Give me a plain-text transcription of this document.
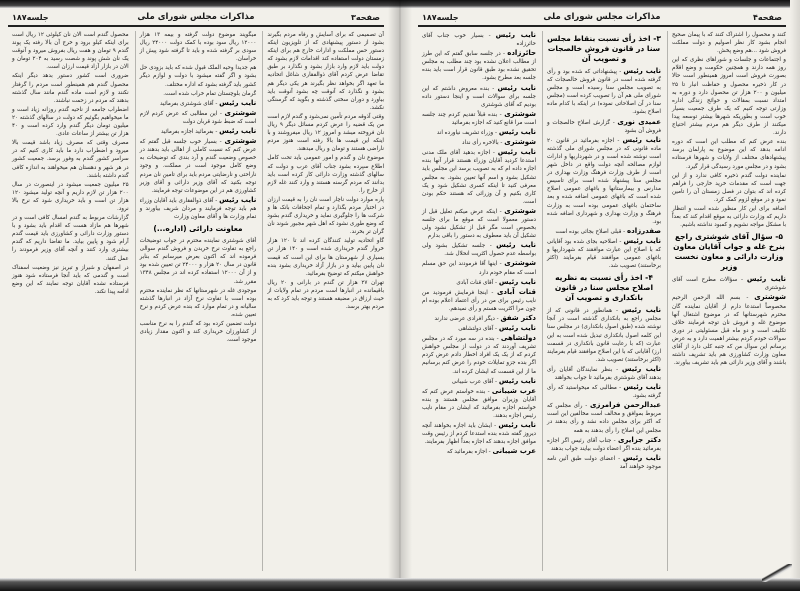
صفحه۳
مذاکرات مجلس شورای ملی
جلسه۱۸۷

آن تصمیمی که برای آسایش و رفاه مردم بگیرند بشود از دستور پیشنهادی که از تلویزیون اینکه دستور حس مملکت و ادارات خارج هم برای اینکه زمستان دولت استفاده کند اقدامات لازم بشود که دولت باید لازم وارد بازار بشود و نگذارد بر طبق تقاضا عرض کردم آقای ذوالفقاری شاغل اتحادیه ما تعهد اگر بخواهد نظر بگیرند هر یکی دیگر هم بشود و نگذارد که آنوقت چه بشود آنوقت باید بیاورد و دوران سختی گذشته و بگوید که گرسنگی نکشد.

وقتی آذوقه مردم تأمین نمی‌شود و گندم لازم است من یک قضیه را عرض کردم مسائل دیگر ۹ ریال نان فروخته میشد و امروز ۱۲ ریال میفروشند و با اینکه این قیمت ها بالا رفته است هنوز مردم ناراضی هستند و تومان و ریال میدهند.

موضوع نان و گندم و امور عمومی باید تحت کامل اطلاع سپرده بشود جناب آقای عرب و دولت که سالهای گذشته وزارت دارائی کار کرده است باید بدانند که مردم گرسنه هستند و وارد کنند غله لازم از خارج را.

پاره موارد دولت ناچار است نان را به قیمت ارزان در اختیار مردم بگذارد و تمام اجحافات بانک ها و شرکت ها را جلوگیری نماید و خریداری گندم بشود که وضع طوری نشود که اهل شهر مجبور شوند نان گران تر بخرند.

گاو اتحادیه تولید کنندگان کرده اند تا ۱۲۰ هزار خروار گندم خریداری شده است و ۱۴۰ هزار تن بسیاری از شهرستان ها برای این است که قیمت نان پایین بیاید و در بازار آزاد خریداری بشود بنده خواهش میکنم که توضیح بفرمائید.

تهران ۲۷ هزار تن گندم در بارانی و ۲۰ ریال باقیمانده در انبارها است مردم در تمام ولایات از حیث ارزاق در مضیقه هستند و توجه باید کرد که به مردم بهتر برسد.

میگویند موضوع دولت گرفته و بیمه ۱۳ هزار ۱۲۰۰۰ ریال سود بوده با کمک دولت ۲۴۰۰۰ ریال سودی بر گرفته شده و باید تا گرفته شود پیش از خراسان.

هم جدیدا وحیه الملک قبول شده که باید بزودی حل بشود و اگر گفته میشود با دولت و لوازم دیگر کشور باید گرفته بشود که اداره مختلف.

گرمان بلوچستان تمام خراب شده است.

نایب رئیس - آقای شوشتری بفرمائید

شوشتری - این مطالبی که عرض کردم لازم است که ضبط شود قربان دولت

نایب رئیس - بفرمائید اجازه بفرمائید

شوشتری - بسیار خوب جلسه قبل گفتم که عرض کنم که نسبت کاملی از اهالی باید بدهند در خصوص وضعیت گندم و آرد بندی که توضیحات به وضع کامل موجود است در مملکت. و وجود ناراحتی و نارضایتی مردم باید برای تامین نان مردم توجه بکنید که آقای وزیر دارائی و آقای وزیر کشاورزی هم در این موضوعات توجه فرمایند.

نایب رئیس - آقای ذوالفقاری باید آقایان وزراء هم باید توجه فرمایند و مردان شریف بیاورند و تمام وزارت ها و آقای معاون وزارت

معاونت دارائی (اداره...)

آقای شوشتری نماینده محترم در جواب توضیحات راجع به تفاوت نرخ خریدن و فروش گندم سوالی فرموده اند که اکنون بعرض میرسانم که بنابر قانون در سال ۲۰ هزار و ۲۴۰۰۰ تن تعیین شده بود و از آن ۱۲۰۰۰ استفاده کرده اند در مجلس ۱۳۴۸ مقرر شد.

موجودی غله در شهرستانها که نظر نماینده محترم بوده است با تفاوت نرخ آزاد در انبارها گذشته سالیانه و در تمام موارد که بنده عرض کردم و نرخ تعیین شده.

دولت تضمین کرده بود که گندم را به نرخ مناسب از کشاورزان خریداری کند و اکنون مقدار زیادی موجود است.

محصول گندم است الان نان کیلوئی ۱۲ ریال است برای اینکه کیلو برود و خرج آن بالا رفته یک پوند گندم ۹ تومان و هفت ریال بفروش میرود و آنوقت یک نان شش پوند و شصت رسید به ۲۰۴ تومان و الان در بازار آزاد قیمت ارزان است.

ضروری است کشور دستور بدهد دیگر اینکه محصول گندم هم همینطور است مردم را گرفتار نکنند و لازم است ماده گندم مانند سال گذشته بدهند که مردم در زحمت نباشند.

اضطراب جامعه از ناحیه گندم روزانه زیاد است و ما میخواهیم بگوئیم که دولت در سالهای گذشته ۲۰ میلیون تومان دیگر گندم وارد کرده است و ۴۰ هزار تن بیشتر از ساعات عادی.

مصرف وقتی که مصرف زیاد باشد قیمت بالا میرود و اضطراب دارد ما باید کاری کنیم که در سراسر کشور گندم به وفور برسد. جمعیت کشور در هر شهر و دهستان هم میخواهند به اندازه کافی گندم داشته باشند.

۲۵ میلیون جمعیت میشود در اینصورت در سال ۲۰۰ هزار تن لازم داریم و آنچه تولید میشود ۱۲۰ هزار تن است و باید خریداری شود که نرخ بالا نرود.

گزارشات مربوط به گندم امسال کافی است و در شهرها هم مازاد هست که اقدام باید بشود و با دستور وزارت دارائی و کشاورزی باید قیمت گندم آرام شود و پایین بیاید. ما تقاضا داریم که گندم بیشتری وارد کنند و آنچه آقای وزیر فرمودند را عمل کنند.

در اصفهان و شیراز و تبریز نیز وضعیت اسفناک است و گندمی که باید آنجا فرستاده شود هنوز فرستاده نشده آقایان توجه نمایند که این وضع ادامه پیدا نکند.

صفحه۴
مذاکرات مجلس شورای ملی
جلسه۱۸۷

کنند و محصول را اشتراک کنند که با پیمان صحیح انجام بشود کار نظر اصولیم و دولت مملکت فروش شود ...هم وضع پخش.

و اجتماعات و جلسات و شوراهای نظری که این روز همه دارند و همچنین حکومت و وضع اقلام بصورت فروش است امروز همینطور است حالا در کار ذخیره محصول و حفاظت انبار تا ۲۵ میلیون و ۲۰۰ هزار تن محصول دارد و دوره به امتداد نسبت بمقالات و حوائج زندگی اداره وزارتی توجه کنیم که یک طرف جمعیت بسیار خوب است و بطوریکه شهرها بیشتر توسعه پیدا میکنند از طرف دیگر هم مردم بیشتر احتیاج دارند.

بنده عرض کنم که مطلب این است که دوره ادامه بدهد که این موضوع به پارلمان برسد پیشنهادهای مختلف از ولایات و شهرها فرستاده بشود و در مجلس مورد رسیدگی قرار گیرد.

نماینده دولت گندم ذخیره کافی ندارد و از این جهت است که مقدمات خرید خارجی را فراهم کرده اند که بتوان در فصل زمستان آن را تامین نمود و در موقع لزوم کمک کرد.

اضافه برای این کار منظور شده است و انتظار داریم که وزارت دارائی به موقع اقدام کند که بعداً با مشکل مواجه نشویم و کمبود نداشته باشیم.

۵- سؤال آقای شوشتری راجع بنرخ غله و جواب آقایان معاون وزارت دارائی و معاون نخست وزیر

نایب رئیس - سؤالات مطرح است آقای شوشتری

شوشتری - بسم الله الرحمن الرحیم مخصوصاً استدعا دارم از آقایان نماینده گان محترم شهرستانها که در موضوع اشتغال آنها موضوع غله و فروش نان توجه فرمایند خلاف تکلیف است و دو ماه قبل مسئولیتی در دوری سوالات خودم کردم بیشتر اهمیت دارد و به عرض برسانم این سوال من که جنبه کلی دارد از آقای معاون وزارت کشاورزی هم باید تشریف داشته باشند و آقای وزیر دارائی هم باید تشریف بیاورند.

۳- اخذ رأی نسبت بنقاط مجلس سنا در قانون فروش خالصجات و تصویب آن

نایب رئیس - پیشنهاداتی که شده بود و رأی گرفته شده است در قانون فروش خالصجات که به تصویب مجلس سنا رسیده است و مجلس شورای ملی هم آن را تصویب کرده است (مجلس سنا در آن اصلاحاتی نموده) در اینکه با کدام ماده اصلاح بشود.

عمیدی نوری - گزارش اصلاح خالصجات و فروش آن بشود

نایب رئیس - اجازه بفرمائید در قانون ۲۰ ماده قانونی که در مجلس شورای ملی گذشته است نوشته شده است و در شهرداریها و ادارات لوازم مصالحه آنچه دولت واقع در داخل شهر است از طرف وزارت فرهنگ وزارت بهداری در مجلس سنا پیشنهاد شده است برای تاسیس مدارس و بیمارستانها و باغهای عمومی اصلاح شده است که باغهای عمومی اضافه شده و بعد ساختمان باغهای عمومی بوده است به وزارت فرهنگ و وزارت بهداری و شهرداری اضافه شده بود.

صفدرزاده - قبلی اصلاح بجائی بوده است

نایب رئیس - اصلاحیه بجای شده بود آقایانی که با اصلاح این عبارت موافقند که شهرداریها و باغهای عمومی موافقند قیام بفرمایند (اکثر برخاستند) تصویب شد.

۴- اخذ رأی نسبت به نظریه اصلاح مجلس سنا در قانون بانکداری و تصویب آن

نایب رئیس - همانطور در قانونی که از مجلس راجع به بانکداری گذشته است در آنجا نوشته شده (طبق اصول بانکداری) در مجلس سنا این کلمه اصول بانکداری تبدیل شده است به این عبارت (که با رعایت قانون بانکداری در قسمت ارز) آقایانی که با این اصلاح موافقند قیام بفرمایند (اکثر برخاستند) تصویب شد.

نایب رئیس - بنظر نمایندگان آقایان رأی بدهند آقای شوشتری بفرمائید تا جواب بخواهند

نایب رئیس - مطالبی که میخواستید که رأی گرفته بشود.

عبدالرحمن فرامرزی - رأی مجلس که مربوط بموافق و مخالف است مخالفین این است که اکثر برای مجلس داده نشد و رأی بدهند در مجلس این اصلاح را رأی بدهند به همه

دکتر جزایری - جناب آقای رئیس اگر اجازه بفرمائید بنده اگر اعضاء دولت بیایند جواب بدهند

نایب رئیس - اعضای دولت طبق آئین نامه موجود خواهند آمد

نایب رئیس - بسیار خوب جناب آقای حائرزاده

حائرزاده - در جلسه سابق گفتم که این طرز از مطالب اعلان نشده بود چند مطلب به مجلس تحقیق نشده بود طبق قانون قرار است باید بنده جلسه بعد مطرح بشود.

نایب رئیس - بنده معروض داشتم که این جلسه برای سوالات است و اینجا دستور داده بودیم که آقای شوشتری

شوشتری - بنده قبلاً تقدیم کردم چند جلسه است مرا قانع کنید که اجازه بفرمائید

نایب رئیس - وزراء تشریف نیاورده اند

شوشتری - بالاخره رأی نداد

نایب رئیس - اجازه بدهید آقای ملک مدنی استدعا کردید آقایان وزراء هستند قرار آنها بنده اجازه داده ام که به تصویب برسد این مجلس باید تشکیل بشود و اسم آنها تعیین بشود. به مجلس معرفی کنید تا اینکه کسری تشکیل شود و یک کاری بکنیم و آن وزرائی که هستند حکم بودن است.

شوشتری - اینکه عرض میکنم تعلیل قبل از دستور معمولا است که موقع ما برای جلسه بخصوص است مگر قبل از تشکیل نشود ولی تشکیل آن باید معطوف به دستور را باقی بدارم

نایب رئیس - جلسه تشکیل بشود ولی بواسطه عدم حصول اکثریت انحلال شد.

شوشتری - اینها آقا فرمودند این حق مسلم است که مقام خودم دارد

نایب رئیس - آقای قنات آبادی

قنات آبادی - اینجا فرمایش فرمودید من نایب رئیس برای من در رأی اعتماد اعلام بوده ام چون مرا اکثریت هستم و رأی نمیدهم.

دکتر شفق - دیگر افرادی عرضی ندارند

نایب رئیس - آقای دولتشاهی

دولتشاهی - بنده در سه مورد که در مجلس تشریف آوردند که در دولت از مجلس خواهش کردم که از یک یک افراد اخطار دادم عرض کردم اگر بنده جزو تمایلات خودم را عرض کنم برسانیم ما از این قسمت که ایشان کرده اند.

نایب رئیس - آقای عرب شیبانی

عرب شیبانی - بنده خواستم عرض کنم که آقایان وزیران موافق مجلس هستند و بنده خواستم اجازه بفرمائید که ایشان در مقام نایب رئیس اجازه بدهند.

نایب رئیس - ایشان باید اجازه بخواهند آنچه دیروز گفته شده بنده استدعا کردم از رئیس وقت موافق اجازه بدهند که اجازه بعداً اظهار بفرمایند.

عرب شیبانی - اجازه بفرمائید که
